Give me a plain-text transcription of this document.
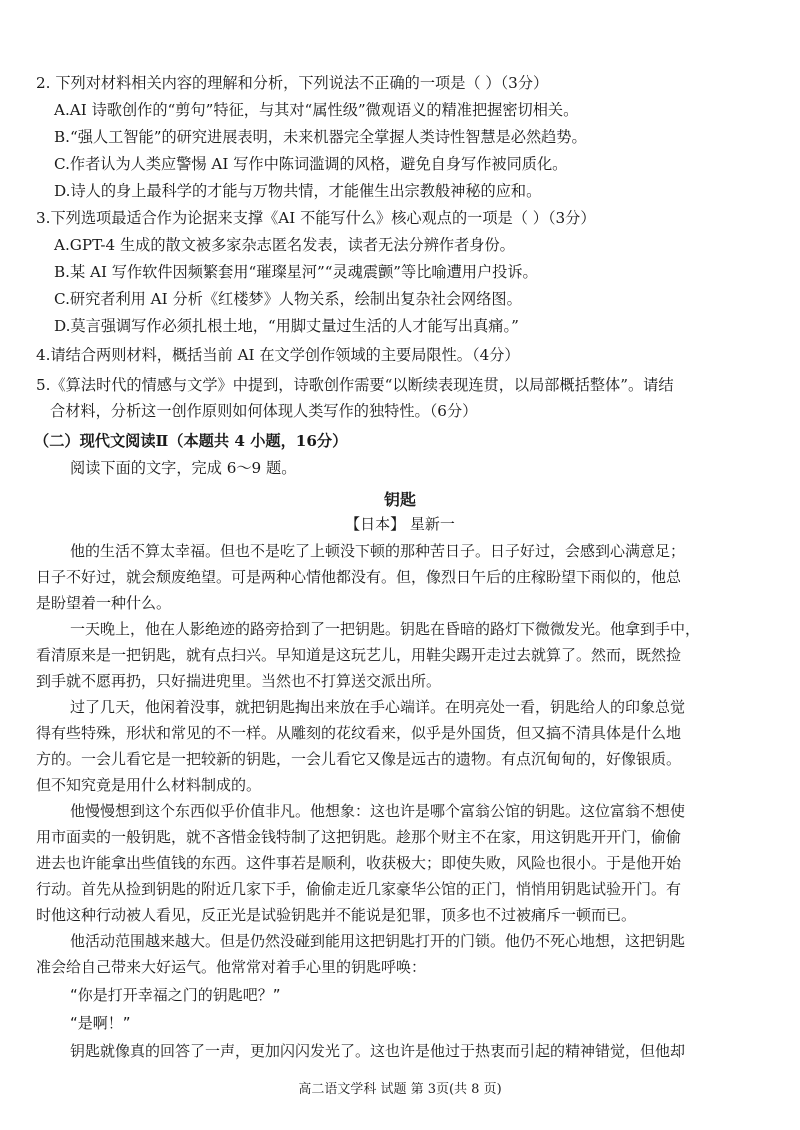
2. 下列对材料相关内容的理解和分析，下列说法不正确的一项是（ ）（3分）
A.AI 诗歌创作的“剪句”特征，与其对“属性级”微观语义的精准把握密切相关。
B.“强人工智能”的研究进展表明，未来机器完全掌握人类诗性智慧是必然趋势。
C.作者认为人类应警惕 AI 写作中陈词滥调的风格，避免自身写作被同质化。
D.诗人的身上最科学的才能与万物共情，才能催生出宗教般神秘的应和。
3.下列选项最适合作为论据来支撑《AI 不能写什么》核心观点的一项是（ ）（3分）
A.GPT-4 生成的散文被多家杂志匿名发表，读者无法分辨作者身份。
B.某 AI 写作软件因频繁套用“璀璨星河”“灵魂震颤”等比喻遭用户投诉。
C.研究者利用 AI 分析《红楼梦》人物关系，绘制出复杂社会网络图。
D.莫言强调写作必须扎根土地，“用脚丈量过生活的人才能写出真痛。”
4.请结合两则材料，概括当前 AI 在文学创作领域的主要局限性。（4分）
5.《算法时代的情感与文学》中提到，诗歌创作需要“以断续表现连贯，以局部概括整体”。请结
合材料，分析这一创作原则如何体现人类写作的独特性。（6分）
（二）现代文阅读Ⅱ（本题共 4 小题，16分）
阅读下面的文字，完成 6～9 题。
钥匙
【日本】 星新一
他的生活不算太幸福。但也不是吃了上顿没下顿的那种苦日子。日子好过，会感到心满意足；
日子不好过，就会颓废绝望。可是两种心情他都没有。但，像烈日午后的庄稼盼望下雨似的，他总
是盼望着一种什么。
一天晚上，他在人影绝迹的路旁拾到了一把钥匙。钥匙在昏暗的路灯下微微发光。他拿到手中，
看清原来是一把钥匙，就有点扫兴。早知道是这玩艺儿，用鞋尖踢开走过去就算了。然而，既然捡
到手就不愿再扔，只好揣进兜里。当然也不打算送交派出所。
过了几天，他闲着没事，就把钥匙掏出来放在手心端详。在明亮处一看，钥匙给人的印象总觉
得有些特殊，形状和常见的不一样。从雕刻的花纹看来，似乎是外国货，但又搞不清具体是什么地
方的。一会儿看它是一把较新的钥匙，一会儿看它又像是远古的遗物。有点沉甸甸的，好像银质。
但不知究竟是用什么材料制成的。
他慢慢想到这个东西似乎价值非凡。他想象：这也许是哪个富翁公馆的钥匙。这位富翁不想使
用市面卖的一般钥匙，就不吝惜金钱特制了这把钥匙。趁那个财主不在家，用这钥匙开开门，偷偷
进去也许能拿出些值钱的东西。这件事若是顺利，收获极大；即使失败，风险也很小。于是他开始
行动。首先从捡到钥匙的附近几家下手，偷偷走近几家豪华公馆的正门，悄悄用钥匙试验开门。有
时他这种行动被人看见，反正光是试验钥匙并不能说是犯罪，顶多也不过被痛斥一顿而已。
他活动范围越来越大。但是仍然没碰到能用这把钥匙打开的门锁。他仍不死心地想，这把钥匙
准会给自己带来大好运气。他常常对着手心里的钥匙呼唤：
“你是打开幸福之门的钥匙吧？”
“是啊！”
钥匙就像真的回答了一声，更加闪闪发光了。这也许是他过于热衷而引起的精神错觉，但他却
高二语文学科 试题 第 3页(共 8 页)
